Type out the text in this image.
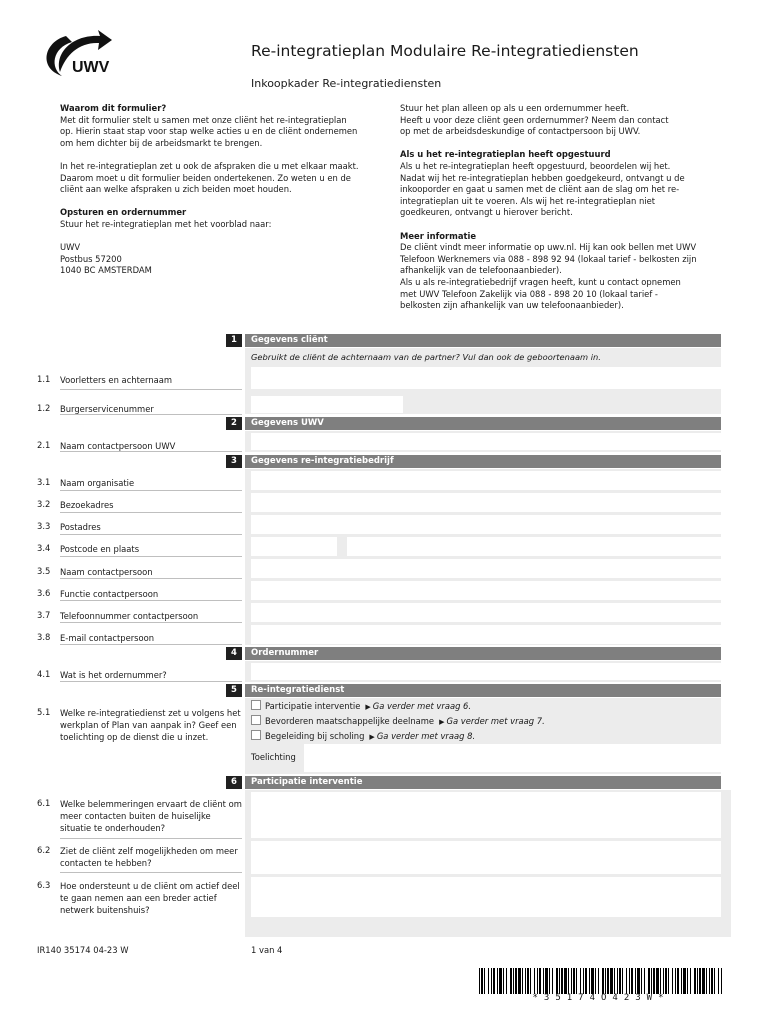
UWV
Re-integratieplan Modulaire Re-integratiediensten
Inkoopkader Re-integratiediensten
Waarom dit formulier?

Met dit formulier stelt u samen met onze cliënt het re-integratieplan
op. Hierin staat stap voor stap welke acties u en de cliënt ondernemen
om hem dichter bij de arbeidsmarkt te brengen.

In het re-integratieplan zet u ook de afspraken die u met elkaar maakt.
Daarom moet u dit formulier beiden ondertekenen. Zo weten u en de
cliënt aan welke afspraken u zich beiden moet houden.

Opsturen en ordernummer

Stuur het re-integratieplan met het voorblad naar:

UWV
Postbus 57200
1040 BC AMSTERDAM

Stuur het plan alleen op als u een ordernummer heeft.
Heeft u voor deze cliënt geen ordernummer? Neem dan contact
op met de arbeidsdeskundige of contactpersoon bij UWV.

Als u het re-integratieplan heeft opgestuurd

Als u het re-integratieplan heeft opgestuurd, beoordelen wij het.
Nadat wij het re-integratieplan hebben goedgekeurd, ontvangt u de
inkooporder en gaat u samen met de cliënt aan de slag om het re-
integratieplan uit te voeren. Als wij het re-integratieplan niet
goedkeuren, ontvangt u hierover bericht.

Meer informatie

De cliënt vindt meer informatie op uwv.nl. Hij kan ook bellen met UWV
Telefoon Werknemers via 088 - 898 92 94 (lokaal tarief - belkosten zijn
afhankelijk van de telefoonaanbieder).
Als u als re-integratiebedrijf vragen heeft, kunt u contact opnemen
met UWV Telefoon Zakelijk via 088 - 898 20 10 (lokaal tarief -
belkosten zijn afhankelijk van uw telefoonaanbieder).

1	Gegevens cliënt
Gebruikt de cliënt de achternaam van de partner? Vul dan ook de geboortenaam in.
1.1 Voorletters en achternaam
1.2 Burgerservicenummer
2	Gegevens UWV
2.1 Naam contactpersoon UWV
3	Gegevens re-integratiebedrijf
3.1 Naam organisatie
3.2 Bezoekadres
3.3 Postadres
3.4 Postcode en plaats
3.5 Naam contactpersoon
3.6 Functie contactpersoon
3.7 Telefoonnummer contactpersoon
3.8 E-mail contactpersoon
4	Ordernummer
4.1 Wat is het ordernummer?
5	Re-integratiedienst
Participatie interventie ▶ Ga verder met vraag 6.
Bevorderen maatschappelijke deelname ▶ Ga verder met vraag 7.
Begeleiding bij scholing ▶ Ga verder met vraag 8.
Toelichting
5.1 Welke re-integratiedienst zet u volgens het werkplan of Plan van aanpak in? Geef een toelichting op de dienst die u inzet.
6	Participatie interventie
6.1 Welke belemmeringen ervaart de cliënt om meer contacten buiten de huiselijke situatie te onderhouden?
6.2 Ziet de cliënt zelf mogelijkheden om meer contacten te hebben?
6.3 Hoe ondersteunt u de cliënt om actief deel te gaan nemen aan een breder actief netwerk buitenshuis?
IR140 35174 04-23 W	1 van 4
*35174O423W*
